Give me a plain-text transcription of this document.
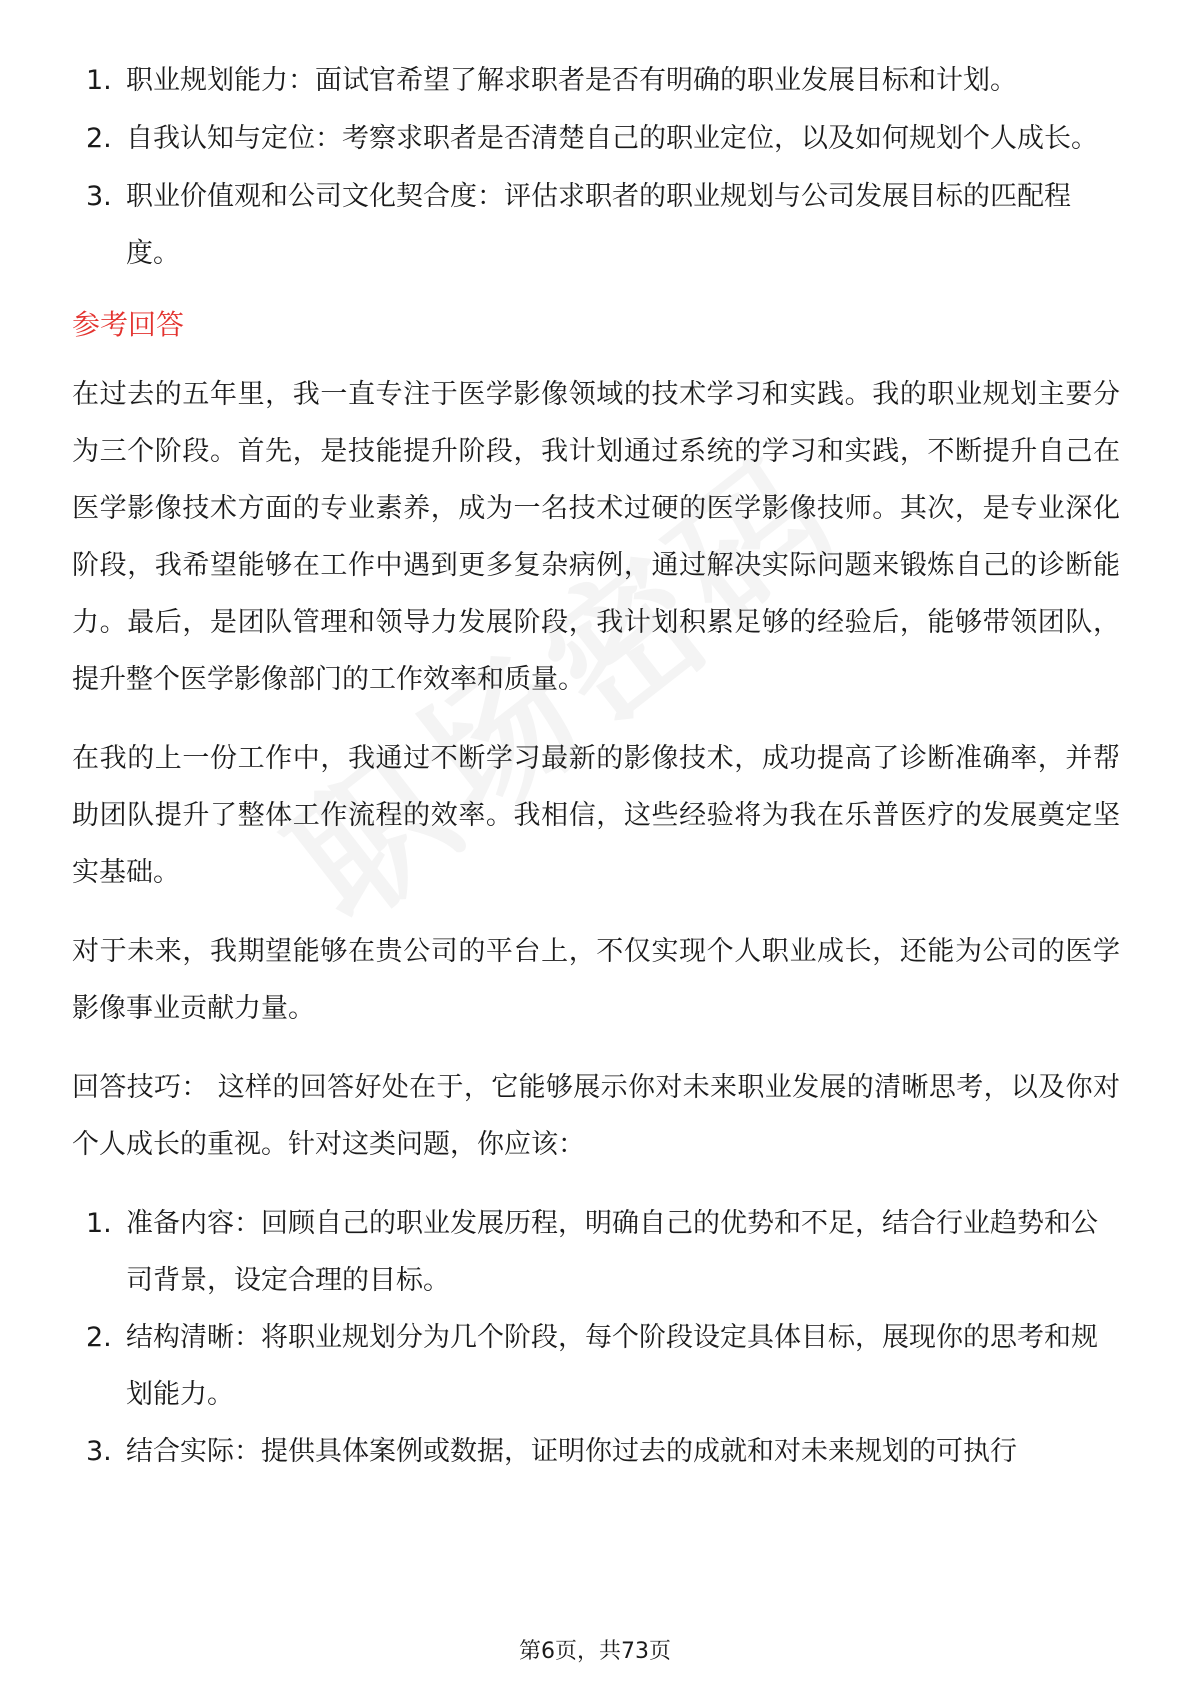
1. 职业规划能力：面试官希望了解求职者是否有明确的职业发展目标和计划。
2. 自我认知与定位：考察求职者是否清楚自己的职业定位，以及如何规划个人成长。
3. 职业价值观和公司文化契合度：评估求职者的职业规划与公司发展目标的匹配程度。
参考回答

在过去的五年里，我一直专注于医学影像领域的技术学习和实践。我的职业规划主要分为三个阶段。首先，是技能提升阶段，我计划通过系统的学习和实践，不断提升自己在医学影像技术方面的专业素养，成为一名技术过硬的医学影像技师。其次，是专业深化阶段，我希望能够在工作中遇到更多复杂病例，通过解决实际问题来锻炼自己的诊断能力。最后，是团队管理和领导力发展阶段，我计划积累足够的经验后，能够带领团队，提升整个医学影像部门的工作效率和质量。

在我的上一份工作中，我通过不断学习最新的影像技术，成功提高了诊断准确率，并帮助团队提升了整体工作流程的效率。我相信，这些经验将为我在乐普医疗的发展奠定坚实基础。

对于未来，我期望能够在贵公司的平台上，不仅实现个人职业成长，还能为公司的医学影像事业贡献力量。

回答技巧： 这样的回答好处在于，它能够展示你对未来职业发展的清晰思考，以及你对个人成长的重视。针对这类问题，你应该：

1. 准备内容：回顾自己的职业发展历程，明确自己的优势和不足，结合行业趋势和公司背景，设定合理的目标。
2. 结构清晰：将职业规划分为几个阶段，每个阶段设定具体目标，展现你的思考和规划能力。
3. 结合实际：提供具体案例或数据，证明你过去的成就和对未来规划的可执行
第6页，共73页
